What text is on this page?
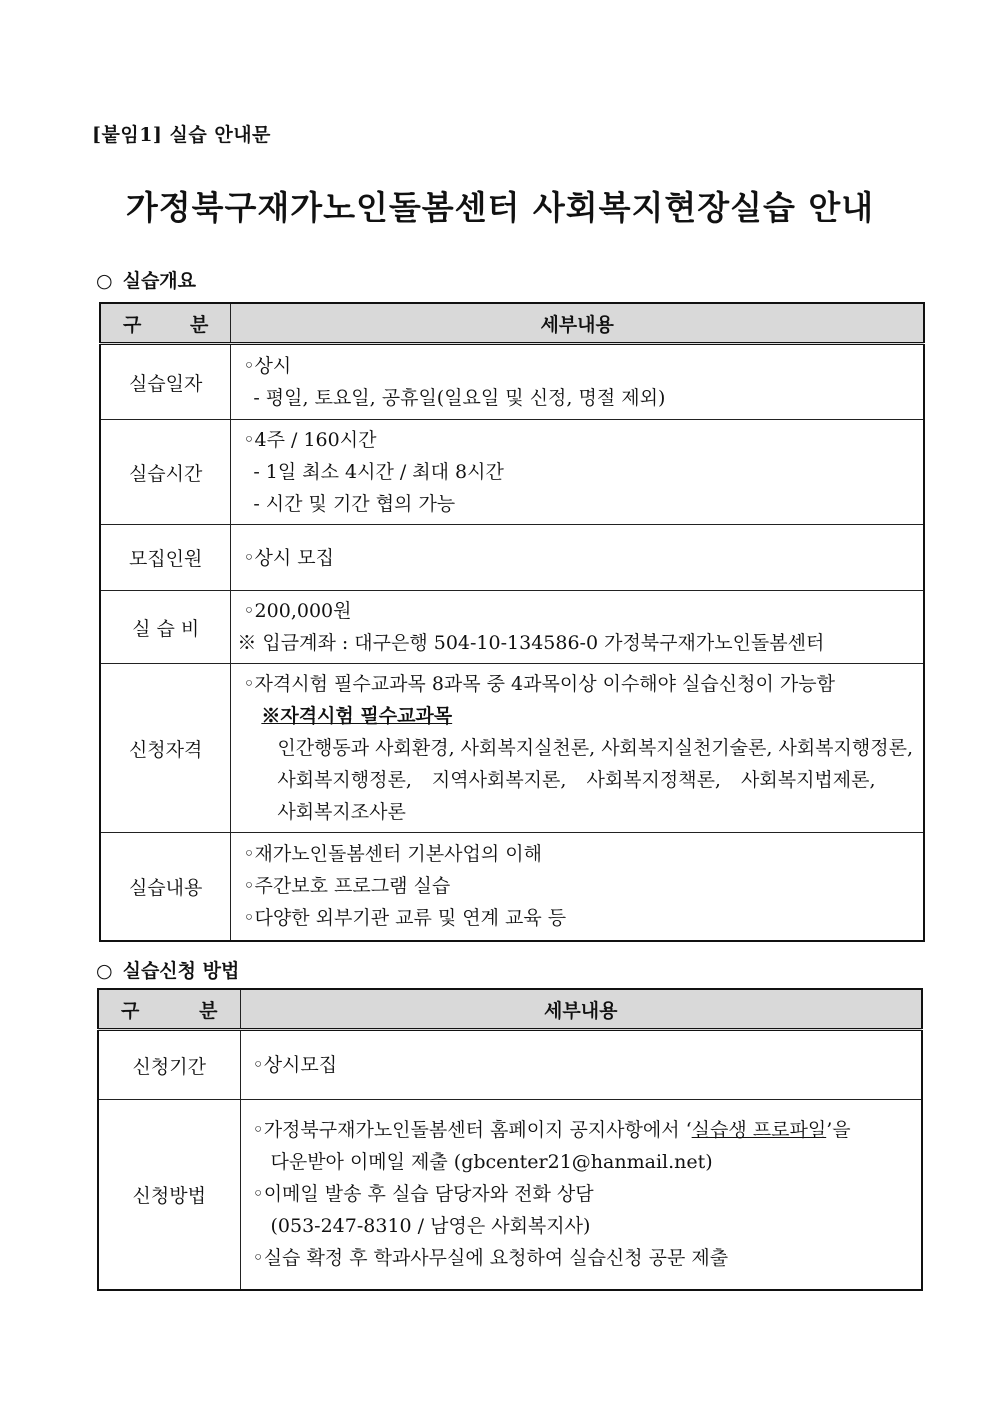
[붙임1] 실습 안내문
가정북구재가노인돌봄센터 사회복지현장실습 안내
○ 실습개요
구 분	세부내용
실습일자	◦상시
- 평일, 토요일, 공휴일(일요일 및 신정, 명절 제외)

실습시간	◦4주 / 160시간
- 1일 최소 4시간 / 최대 8시간
- 시간 및 기간 협의 가능

모집인원	◦상시 모집

실 습 비	◦200,000원
※ 입금계좌 : 대구은행 504-10-134586-0 가정북구재가노인돌봄센터

신청자격	◦자격시험 필수교과목 8과목 중 4과목이상 이수해야 실습신청이 가능함
※자격시험 필수교과목
인간행동과 사회환경, 사회복지실천론, 사회복지실천기술론, 사회복지행정론,
사회복지행정론, 지역사회복지론, 사회복지정책론, 사회복지법제론,
사회복지조사론

실습내용	◦재가노인돌봄센터 기본사업의 이해
◦주간보호 프로그램 실습
◦다양한 외부기관 교류 및 연계 교육 등
○ 실습신청 방법
구 분	세부내용
신청기간	◦상시모집

신청방법	◦가정북구재가노인돌봄센터 홈페이지 공지사항에서 ‘실습생 프로파일’을
다운받아 이메일 제출 (gbcenter21@hanmail.net)
◦이메일 발송 후 실습 담당자와 전화 상담
(053-247-8310 / 남영은 사회복지사)
◦실습 확정 후 학과사무실에 요청하여 실습신청 공문 제출
